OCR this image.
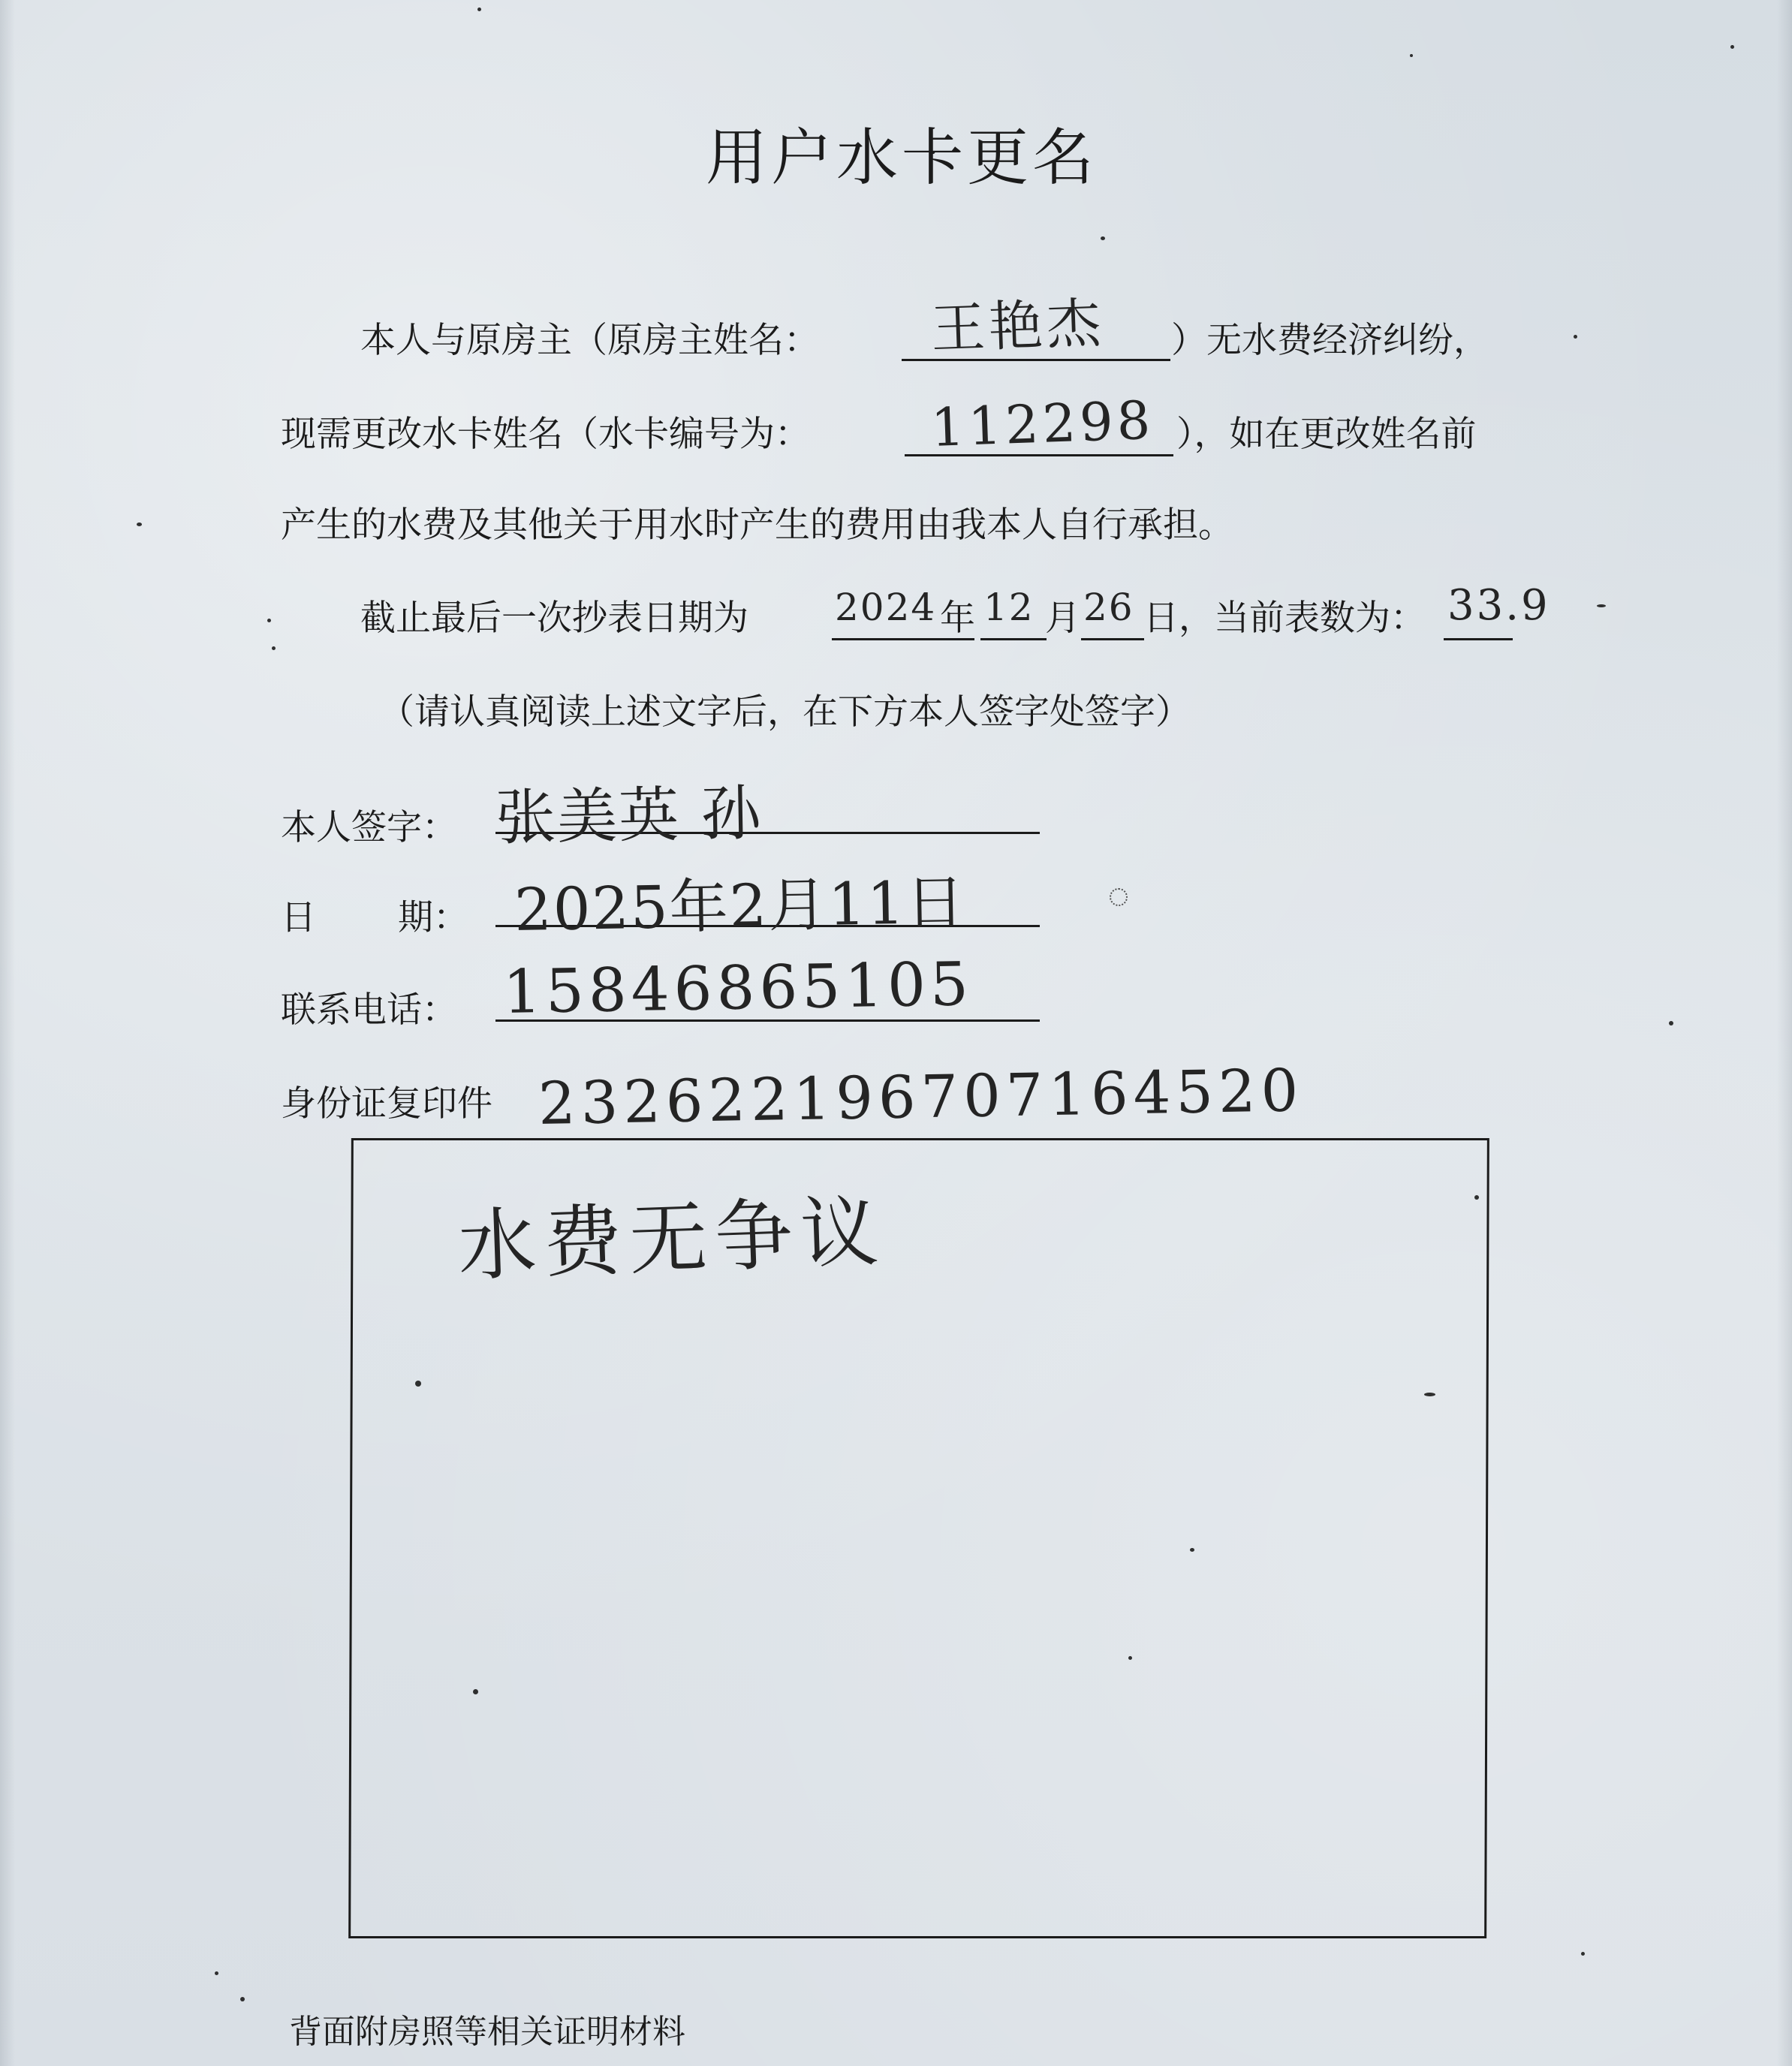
用户水卡更名
本人与原房主（原房主姓名： 王艳杰 ）无水费经济纠纷，
现需更改水卡姓名（水卡编号为： 112298 ），如在更改姓名前
产生的水费及其他关于用水时产生的费用由我本人自行承担。
截止最后一次抄表日期为 2024 年 12 月 26 日，当前表数为： 33.9
（请认真阅读上述文字后，在下方本人签字处签字）
本人签字： 张美英 孙
日 期： 2025年2月11日
联系电话： 15846865105
身份证复印件 232622196707164520
水费无争议
背面附房照等相关证明材料
